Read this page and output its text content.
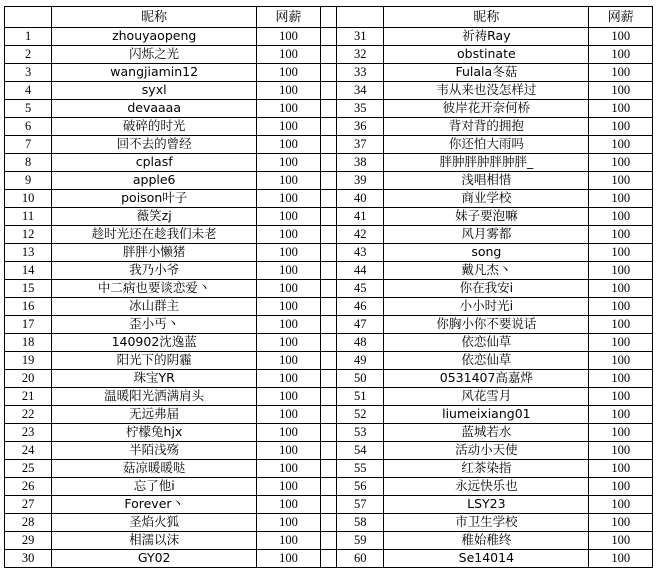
	昵称	网薪			昵称	网薪
1	zhouyaopeng	100		31	祈祷Ray	100
2	闪烁之光	100		32	obstinate	100
3	wangjiamin12	100		33	Fulala冬菇	100
4	syxl	100		34	韦从来也没怎样过	100
5	devaaaa	100		35	彼岸花开奈何桥	100
6	破碎的时光	100		36	背对背的拥抱	100
7	回不去的曾经	100		37	你还怕大雨吗	100
8	cplasf	100		38	胖肿胖肿胖肿胖_	100
9	apple6	100		39	浅唱相惜	100
10	poison叶子	100		40	商业学校	100
11	薇笑zj	100		41	妹子要泡嘛	100
12	趁时光还在趁我们未老	100		42	风月雾都	100
13	胖胖小懒猪	100		43	song	100
14	我乃小爷	100		44	戴凡杰丶	100
15	中二病也要谈恋爱丶	100		45	你在我安i	100
16	冰山群主	100		46	小小时光i	100
17	歪小丐丶	100		47	你胸小你不要说话	100
18	140902沈逸蓝	100		48	依恋仙草	100
19	阳光下的阴霾	100		49	依恋仙草	100
20	珠宝YR	100		50	0531407高嘉烨	100
21	温暖阳光洒满肩头	100		51	风花雪月	100
22	无远弗届	100		52	liumeixiang01	100
23	柠檬兔hjx	100		53	蓝城若水	100
24	半陌浅殇	100		54	活动小天使	100
25	菇凉暖暖哒	100		55	红茶染指	100
26	忘了他i	100		56	永远快乐也	100
27	Forever丶	100		57	LSY23	100
28	圣焰火狐	100		58	市卫生学校	100
29	相濡以沫	100		59	稚始稚终	100
30	GY02	100		60	Se14014	100
